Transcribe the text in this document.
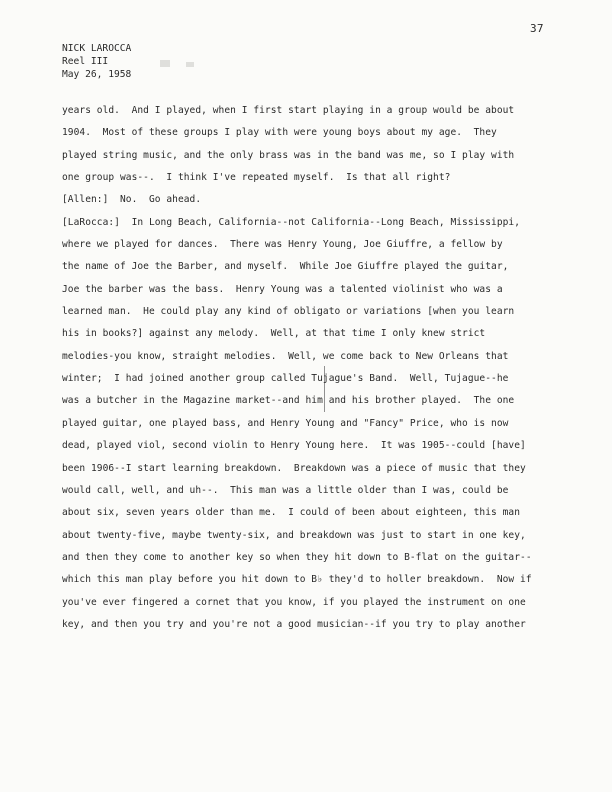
37
NICK LAROCCA
Reel III
May 26, 1958
years old.  And I played, when I first start playing in a group would be about
1904.  Most of these groups I play with were young boys about my age.  They
played string music, and the only brass was in the band was me, so I play with
one group was--.  I think I've repeated myself.  Is that all right?
[Allen:]  No.  Go ahead.
[LaRocca:]  In Long Beach, California--not California--Long Beach, Mississippi,
where we played for dances.  There was Henry Young, Joe Giuffre, a fellow by
the name of Joe the Barber, and myself.  While Joe Giuffre played the guitar,
Joe the barber was the bass.  Henry Young was a talented violinist who was a
learned man.  He could play any kind of obligato or variations [when you learn
his in books?] against any melody.  Well, at that time I only knew strict
melodies-you know, straight melodies.  Well, we come back to New Orleans that
winter;  I had joined another group called Tujague's Band.  Well, Tujague--he
was a butcher in the Magazine market--and him and his brother played.  The one
played guitar, one played bass, and Henry Young and "Fancy" Price, who is now
dead, played viol, second violin to Henry Young here.  It was 1905--could [have]
been 1906--I start learning breakdown.  Breakdown was a piece of music that they
would call, well, and uh--.  This man was a little older than I was, could be
about six, seven years older than me.  I could of been about eighteen, this man
about twenty-five, maybe twenty-six, and breakdown was just to start in one key,
and then they come to another key so when they hit down to B-flat on the guitar--
which this man play before you hit down to B♭ they'd to holler breakdown.  Now if
you've ever fingered a cornet that you know, if you played the instrument on one
key, and then you try and you're not a good musician--if you try to play another
